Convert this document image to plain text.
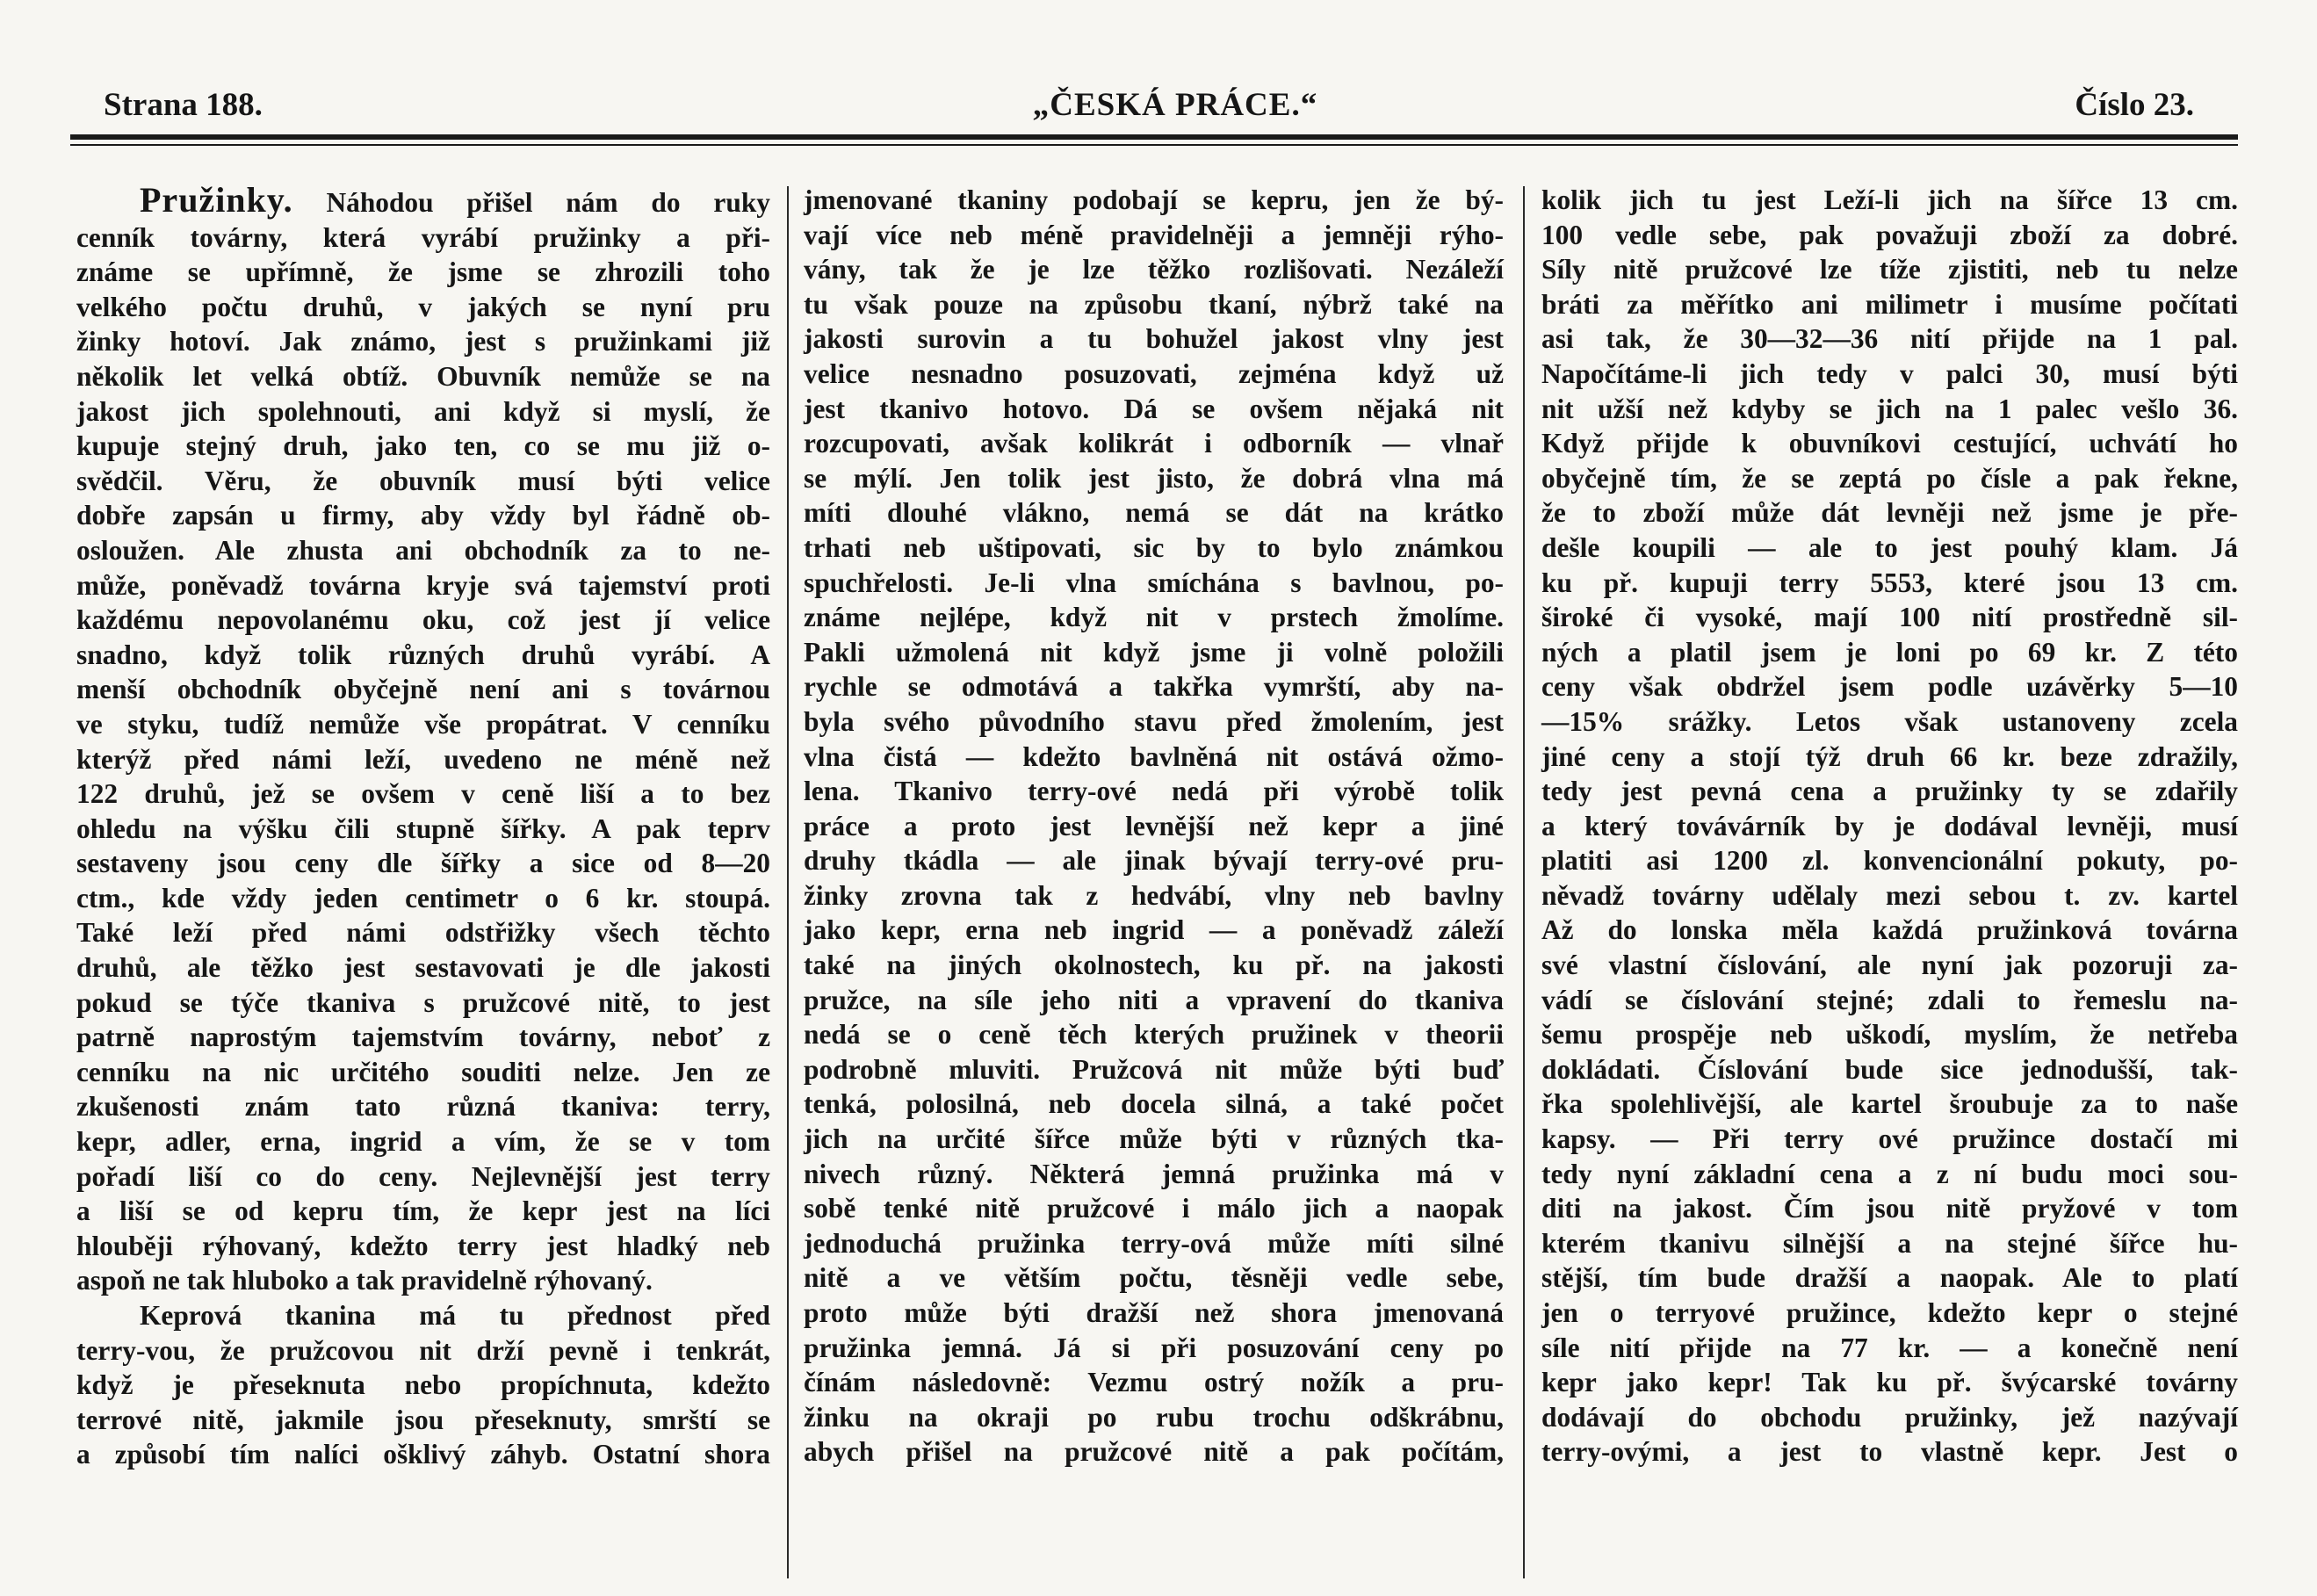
Strana 188.	„ČESKÁ PRÁCE.“	Číslo 23.
Pružinky. Náhodou přišel nám do ruky
cenník továrny, která vyrábí pružinky a při-
známe se upřímně, že jsme se zhrozili toho
velkého počtu druhů, v jakých se nyní pru
žinky hotoví. Jak známo, jest s pružinkami již
několik let velká obtíž. Obuvník nemůže se na
jakost jich spolehnouti, ani když si myslí, že
kupuje stejný druh, jako ten, co se mu již o-
svědčil. Věru, že obuvník musí býti velice
dobře zapsán u firmy, aby vždy byl řádně ob-
osloužen. Ale zhusta ani obchodník za to ne-
může, poněvadž továrna kryje svá tajemství proti
každému nepovolanému oku, což jest jí velice
snadno, když tolik různých druhů vyrábí. A
menší obchodník obyčejně není ani s továrnou
ve styku, tudíž nemůže vše propátrat. V cenníku
kterýž před námi leží, uvedeno ne méně než
122 druhů, jež se ovšem v ceně liší a to bez
ohledu na výšku čili stupně šířky. A pak teprv
sestaveny jsou ceny dle šířky a sice od 8—20
ctm., kde vždy jeden centimetr o 6 kr. stoupá.
Také leží před námi odstřižky všech těchto
druhů, ale těžko jest sestavovati je dle jakosti
pokud se týče tkaniva s pružcové nitě, to jest
patrně naprostým tajemstvím továrny, neboť z
cenníku na nic určitého souditi nelze. Jen ze
zkušenosti znám tato různá tkaniva: terry,
kepr, adler, erna, ingrid a vím, že se v tom
pořadí liší co do ceny. Nejlevnější jest terry
a liší se od kepru tím, že kepr jest na líci
hlouběji rýhovaný, kdežto terry jest hladký neb
aspoň ne tak hluboko a tak pravidelně rýhovaný.
Keprová tkanina má tu přednost před
terry-vou, že pružcovou nit drží pevně i tenkrát,
když je přeseknuta nebo propíchnuta, kdežto
terrové nitě, jakmile jsou přeseknuty, smrští se
a způsobí tím nalíci ošklivý záhyb. Ostatní shora
jmenované tkaniny podobají se kepru, jen že bý-
vají více neb méně pravidelněji a jemněji rýho-
vány, tak že je lze těžko rozlišovati. Nezáleží
tu však pouze na způsobu tkaní, nýbrž také na
jakosti surovin a tu bohužel jakost vlny jest
velice nesnadno posuzovati, zejména když už
jest tkanivo hotovo. Dá se ovšem nějaká nit
rozcupovati, avšak kolikrát i odborník — vlnař
se mýlí. Jen tolik jest jisto, že dobrá vlna má
míti dlouhé vlákno, nemá se dát na krátko
trhati neb uštipovati, sic by to bylo známkou
spuchřelosti. Je-li vlna smíchána s bavlnou, po-
známe nejlépe, když nit v prstech žmolíme.
Pakli užmolená nit když jsme ji volně položili
rychle se odmotává a takřka vymrští, aby na-
byla svého původního stavu před žmolením, jest
vlna čistá — kdežto bavlněná nit ostává ožmo-
lena. Tkanivo terry-ové nedá při výrobě tolik
práce a proto jest levnější než kepr a jiné
druhy tkádla — ale jinak bývají terry-ové pru-
žinky zrovna tak z hedvábí, vlny neb bavlny
jako kepr, erna neb ingrid — a poněvadž záleží
také na jiných okolnostech, ku př. na jakosti
pružce, na síle jeho niti a vpravení do tkaniva
nedá se o ceně těch kterých pružinek v theorii
podrobně mluviti. Pružcová nit může býti buď
tenká, polosilná, neb docela silná, a také počet
jich na určité šířce může býti v různých tka-
nivech různý. Některá jemná pružinka má v
sobě tenké nitě pružcové i málo jich a naopak
jednoduchá pružinka terry-ová může míti silné
nitě a ve větším počtu, těsněji vedle sebe,
proto může býti dražší než shora jmenovaná
pružinka jemná. Já si při posuzování ceny po
čínám následovně: Vezmu ostrý nožík a pru-
žinku na okraji po rubu trochu odškrábnu,
abych přišel na pružcové nitě a pak počítám,
kolik jich tu jest Leží-li jich na šířce 13 cm.
100 vedle sebe, pak považuji zboží za dobré.
Síly nitě pružcové lze tíže zjistiti, neb tu nelze
bráti za měřítko ani milimetr i musíme počítati
asi tak, že 30—32—36 nití přijde na 1 pal.
Napočítáme-li jich tedy v palci 30, musí býti
nit užší než kdyby se jich na 1 palec vešlo 36.
Když přijde k obuvníkovi cestující, uchvátí ho
obyčejně tím, že se zeptá po čísle a pak řekne,
že to zboží může dát levněji než jsme je pře-
dešle koupili — ale to jest pouhý klam. Já
ku př. kupuji terry 5553, které jsou 13 cm.
široké či vysoké, mají 100 nití prostředně sil-
ných a platil jsem je loni po 69 kr. Z této
ceny však obdržel jsem podle uzávěrky 5—10
—15% srážky. Letos však ustanoveny zcela
jiné ceny a stojí týž druh 66 kr. beze zdražily,
tedy jest pevná cena a pružinky ty se zdařily
a který továvárník by je dodával levněji, musí
platiti asi 1200 zl. konvencionální pokuty, po-
něvadž továrny udělaly mezi sebou t. zv. kartel
Až do lonska měla každá pružinková továrna
své vlastní číslování, ale nyní jak pozoruji za-
vádí se číslování stejné; zdali to řemeslu na-
šemu prospěje neb uškodí, myslím, že netřeba
dokládati. Číslování bude sice jednodušší, tak-
řka spolehlivější, ale kartel šroubuje za to naše
kapsy. — Při terry ové pružince dostačí mi
tedy nyní základní cena a z ní budu moci sou-
diti na jakost. Čím jsou nitě pryžové v tom
kterém tkanivu silnější a na stejné šířce hu-
stější, tím bude dražší a naopak. Ale to platí
jen o terryové pružince, kdežto kepr o stejné
síle nití přijde na 77 kr. — a konečně není
kepr jako kepr! Tak ku př. švýcarské továrny
dodávají do obchodu pružinky, jež nazývají
terry-ovými, a jest to vlastně kepr. Jest o
